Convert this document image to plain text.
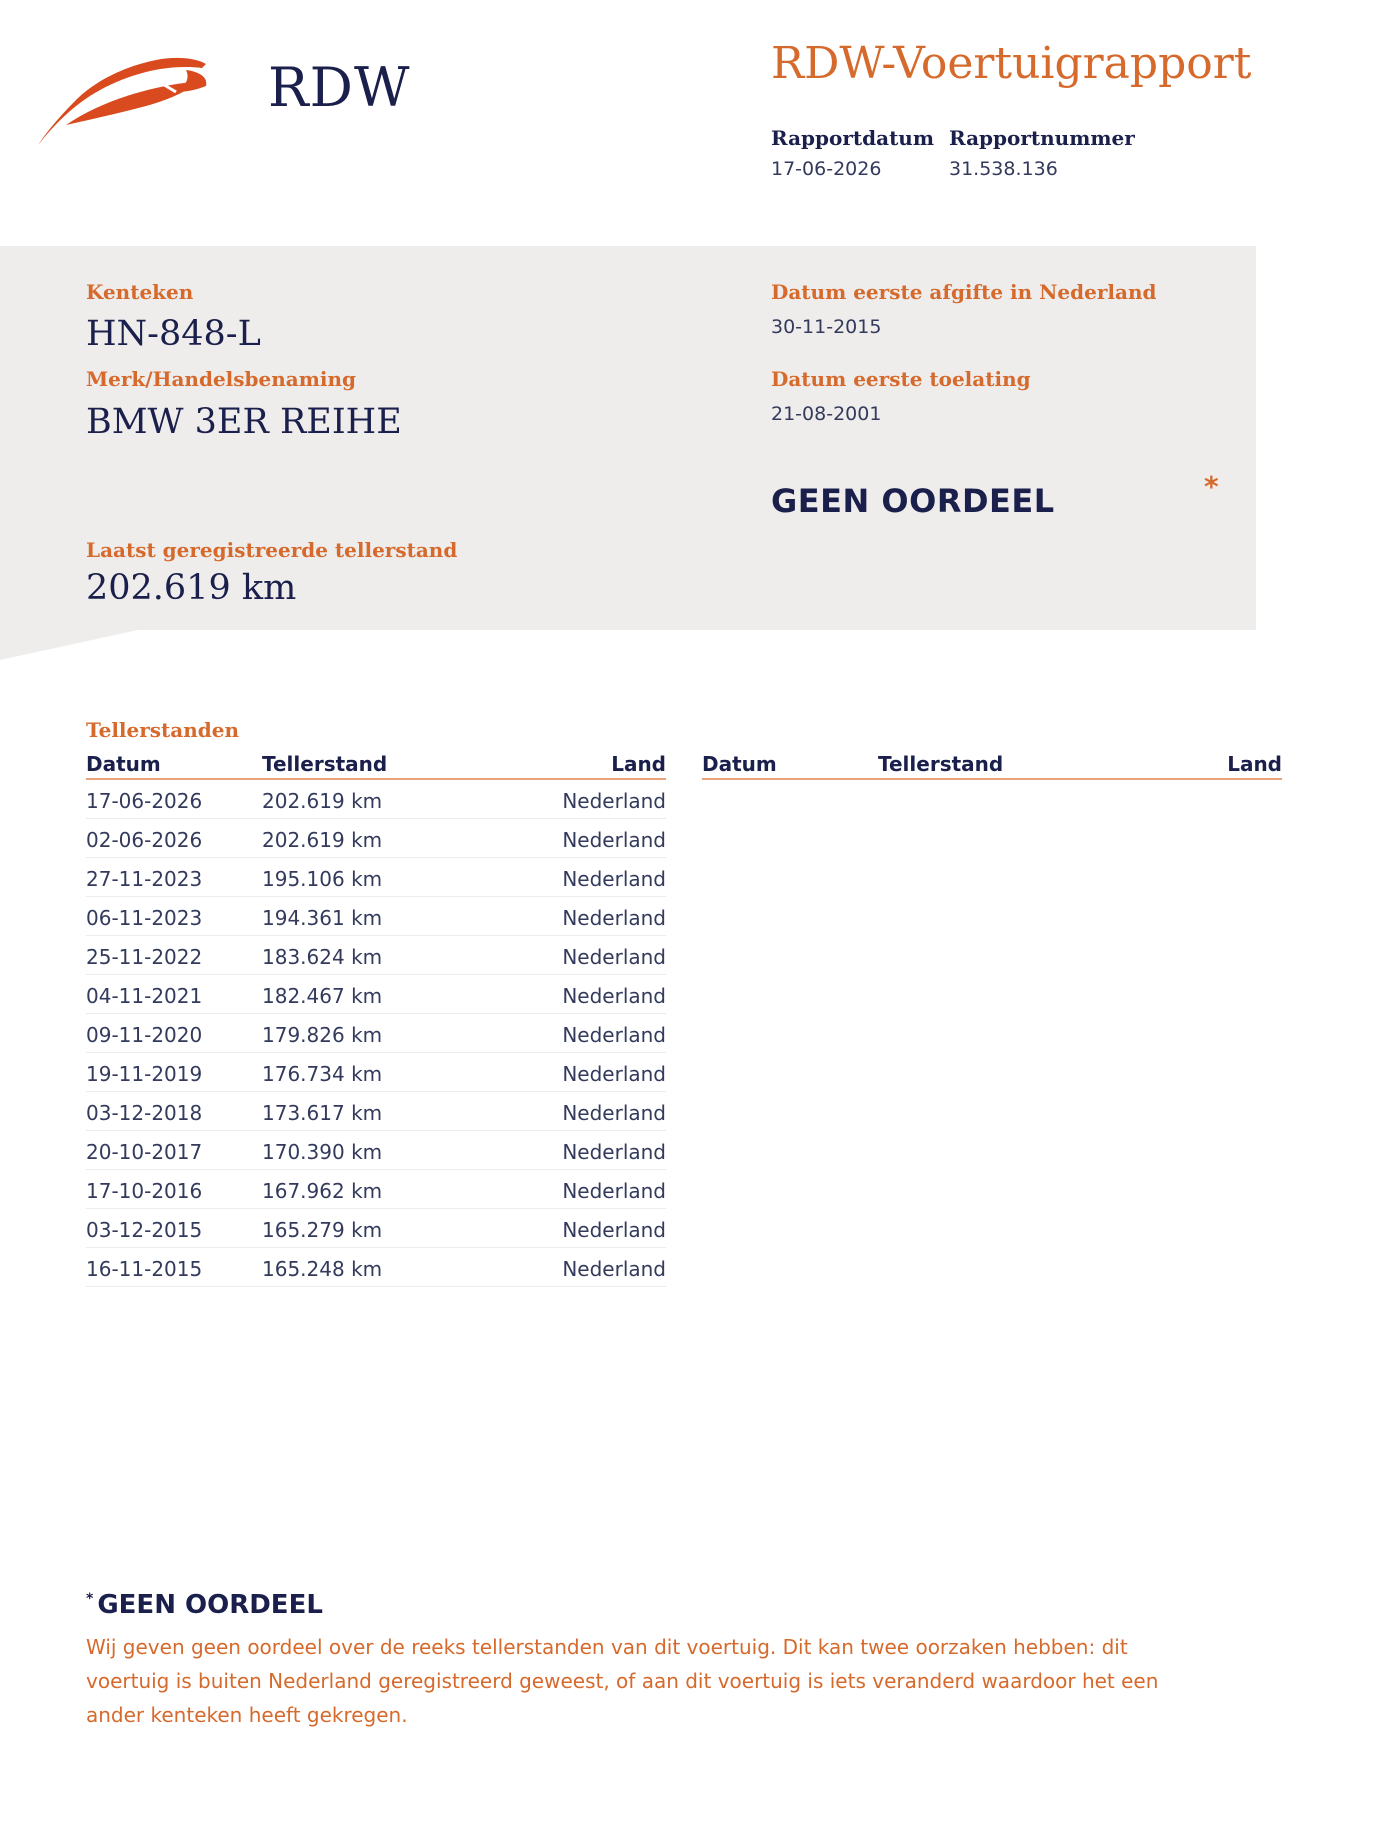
RDW	RDW-Voertuigrapport
Rapportdatum
17-06-2026
Rapportnummer
31.538.136
Kenteken
HN-848-L
Merk/Handelsbenaming
BMW 3ER REIHE
Laatst geregistreerde tellerstand
202.619 km
Datum eerste afgifte in Nederland
30-11-2015
Datum eerste toelating
21-08-2001
GEEN OORDEEL	*
Tellerstanden
Datum	Tellerstand	Land
17-06-2026	202.619 km	Nederland
02-06-2026	202.619 km	Nederland
27-11-2023	195.106 km	Nederland
06-11-2023	194.361 km	Nederland
25-11-2022	183.624 km	Nederland
04-11-2021	182.467 km	Nederland
09-11-2020	179.826 km	Nederland
19-11-2019	176.734 km	Nederland
03-12-2018	173.617 km	Nederland
20-10-2017	170.390 km	Nederland
17-10-2016	167.962 km	Nederland
03-12-2015	165.279 km	Nederland
16-11-2015	165.248 km	Nederland
Datum	Tellerstand	Land
* GEEN OORDEEL
Wij geven geen oordeel over de reeks tellerstanden van dit voertuig. Dit kan twee oorzaken hebben: dit voertuig is buiten Nederland geregistreerd geweest, of aan dit voertuig is iets veranderd waardoor het een ander kenteken heeft gekregen.
